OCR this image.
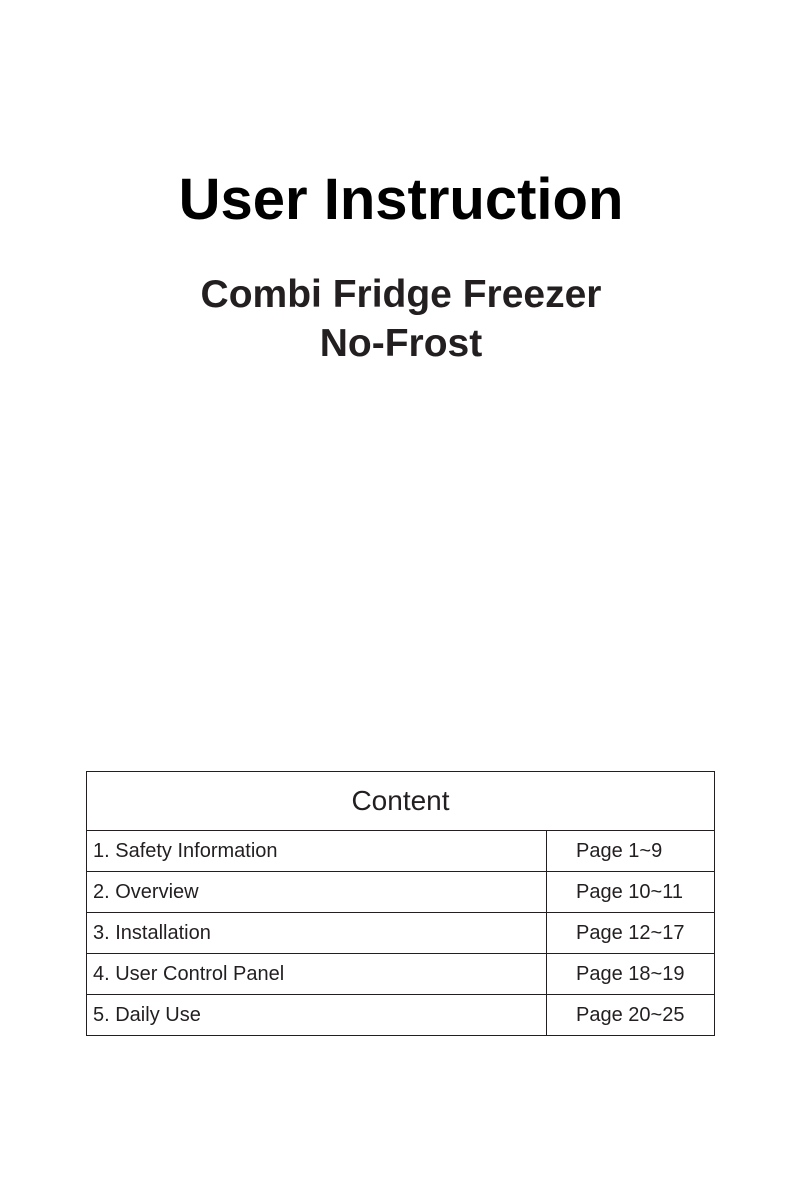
User Instruction
Combi Fridge Freezer
No-Frost
Content	
1. Safety Information	Page 1~9
2. Overview	Page 10~11
3. Installation	Page 12~17
4. User Control Panel	Page 18~19
5. Daily Use	Page 20~25
